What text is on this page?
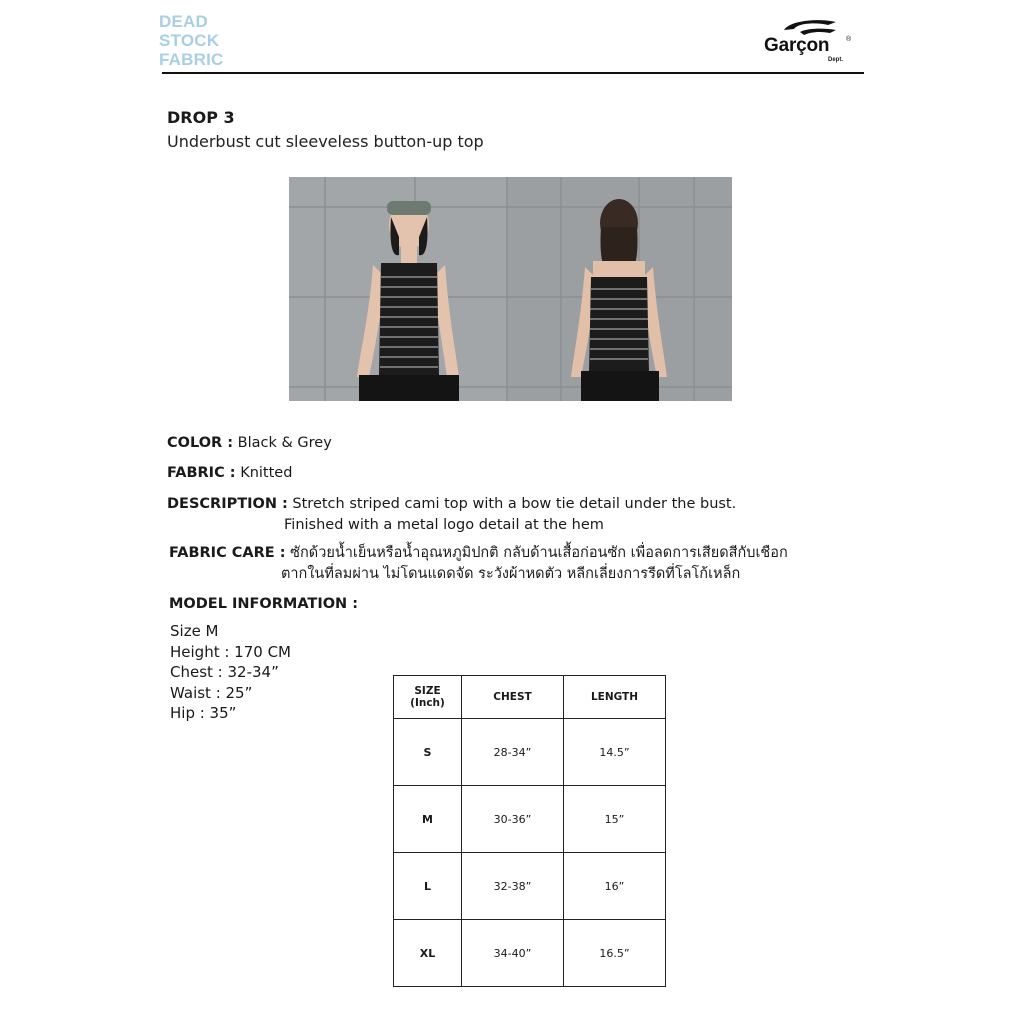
DEAD
STOCK
FABRIC
Garçon ®
Dept.
DROP 3
Underbust cut sleeveless button-up top
COLOR : Black & Grey
FABRIC : Knitted
DESCRIPTION : Stretch striped cami top with a bow tie detail under the bust.
Finished with a metal logo detail at the hem
FABRIC CARE : ซักด้วยน้ำเย็นหรือน้ำอุณหภูมิปกติ กลับด้านเสื้อก่อนซัก เพื่อลดการเสียดสีกับเชือก
ตากในที่ลมผ่าน ไม่โดนแดดจัด ระวังผ้าหดตัว หลีกเลี่ยงการรีดที่โลโก้เหล็ก
MODEL INFORMATION :
Size M
Height : 170 CM
Chest : 32-34”
Waist : 25”
Hip : 35”
SIZE
(Inch)	CHEST	LENGTH
S	28-34”	14.5”
M	30-36”	15”
L	32-38”	16”
XL	34-40”	16.5”
